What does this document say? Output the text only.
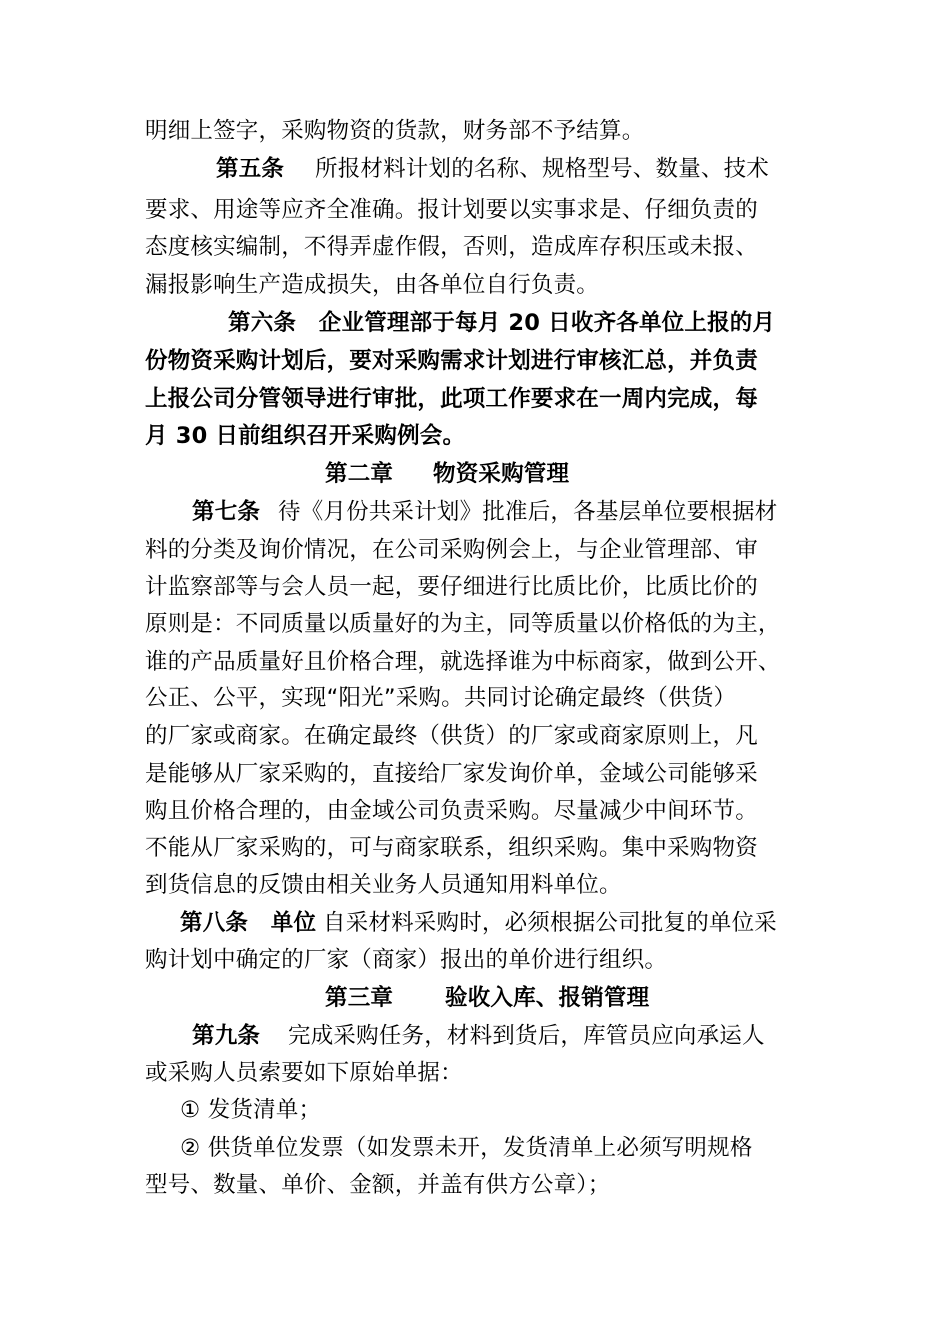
明细上签字，采购物资的货款，财务部不予结算。
第五条 所报材料计划的名称、规格型号、数量、技术
要求、用途等应齐全准确。报计划要以实事求是、仔细负责的
态度核实编制，不得弄虚作假，否则，造成库存积压或未报、
漏报影响生产造成损失，由各单位自行负责。
第六条　企业管理部于每月 20 日收齐各单位上报的月
份物资采购计划后，要对采购需求计划进行审核汇总，并负责
上报公司分管领导进行审批，此项工作要求在一周内完成，每
月 30 日前组织召开采购例会。
第二章 物资采购管理
第七条 待《月份共采计划》批准后，各基层单位要根据材
料的分类及询价情况，在公司采购例会上，与企业管理部、审
计监察部等与会人员一起，要仔细进行比质比价，比质比价的
原则是：不同质量以质量好的为主，同等质量以价格低的为主，
谁的产品质量好且价格合理，就选择谁为中标商家，做到公开、
公正、公平，实现“阳光”采购。共同讨论确定最终（供货）
的厂家或商家。在确定最终（供货）的厂家或商家原则上，凡
是能够从厂家采购的，直接给厂家发询价单，金域公司能够采
购且价格合理的，由金域公司负责采购。尽量减少中间环节。
不能从厂家采购的，可与商家联系，组织采购。集中采购物资
到货信息的反馈由相关业务人员通知用料单位。
第八条　单位 自采材料采购时，必须根据公司批复的单位采
购计划中确定的厂家（商家）报出的单价进行组织。
第三章 验收入库、报销管理
第九条 完成采购任务，材料到货后，库管员应向承运人
或采购人员索要如下原始单据：
① 发货清单；
② 供货单位发票（如发票未开，发货清单上必须写明规格
型号、数量、单价、金额，并盖有供方公章）；
